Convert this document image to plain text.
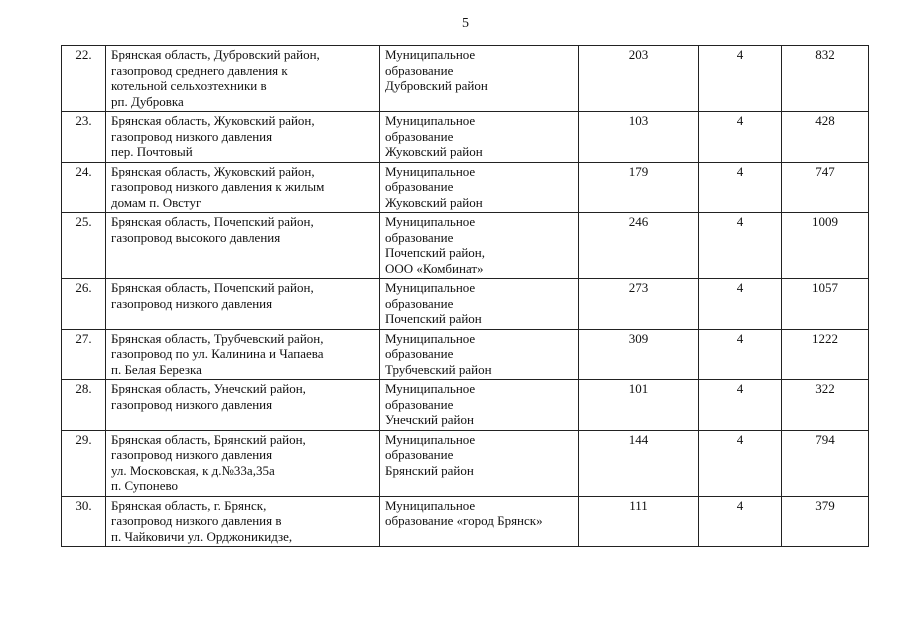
5
22.	Брянская область, Дубровский район,
газопровод среднего давления к
котельной сельхозтехники в
рп. Дубровка	Муниципальное
образование
Дубровский район	203	4	832
23.	Брянская область, Жуковский район,
газопровод низкого давления
пер. Почтовый	Муниципальное
образование
Жуковский район	103	4	428
24.	Брянская область, Жуковский район,
газопровод низкого давления к жилым
домам п. Овстуг	Муниципальное
образование
Жуковский район	179	4	747
25.	Брянская область, Почепский район,
газопровод высокого давления	Муниципальное
образование
Почепский район,
ООО «Комбинат»	246	4	1009
26.	Брянская область, Почепский район,
газопровод низкого давления	Муниципальное
образование
Почепский район	273	4	1057
27.	Брянская область, Трубчевский район,
газопровод по ул. Калинина и Чапаева
п. Белая Березка	Муниципальное
образование
Трубчевский район	309	4	1222
28.	Брянская область, Унечский район,
газопровод низкого давления	Муниципальное
образование
Унечский район	101	4	322
29.	Брянская область, Брянский район,
газопровод низкого давления
ул. Московская, к д.№33а,35а
п. Супонево	Муниципальное
образование
Брянский район	144	4	794
30.	Брянская область, г. Брянск,
газопровод низкого давления в
п. Чайковичи ул. Орджоникидзе,	Муниципальное
образование «город Брянск»	111	4	379
